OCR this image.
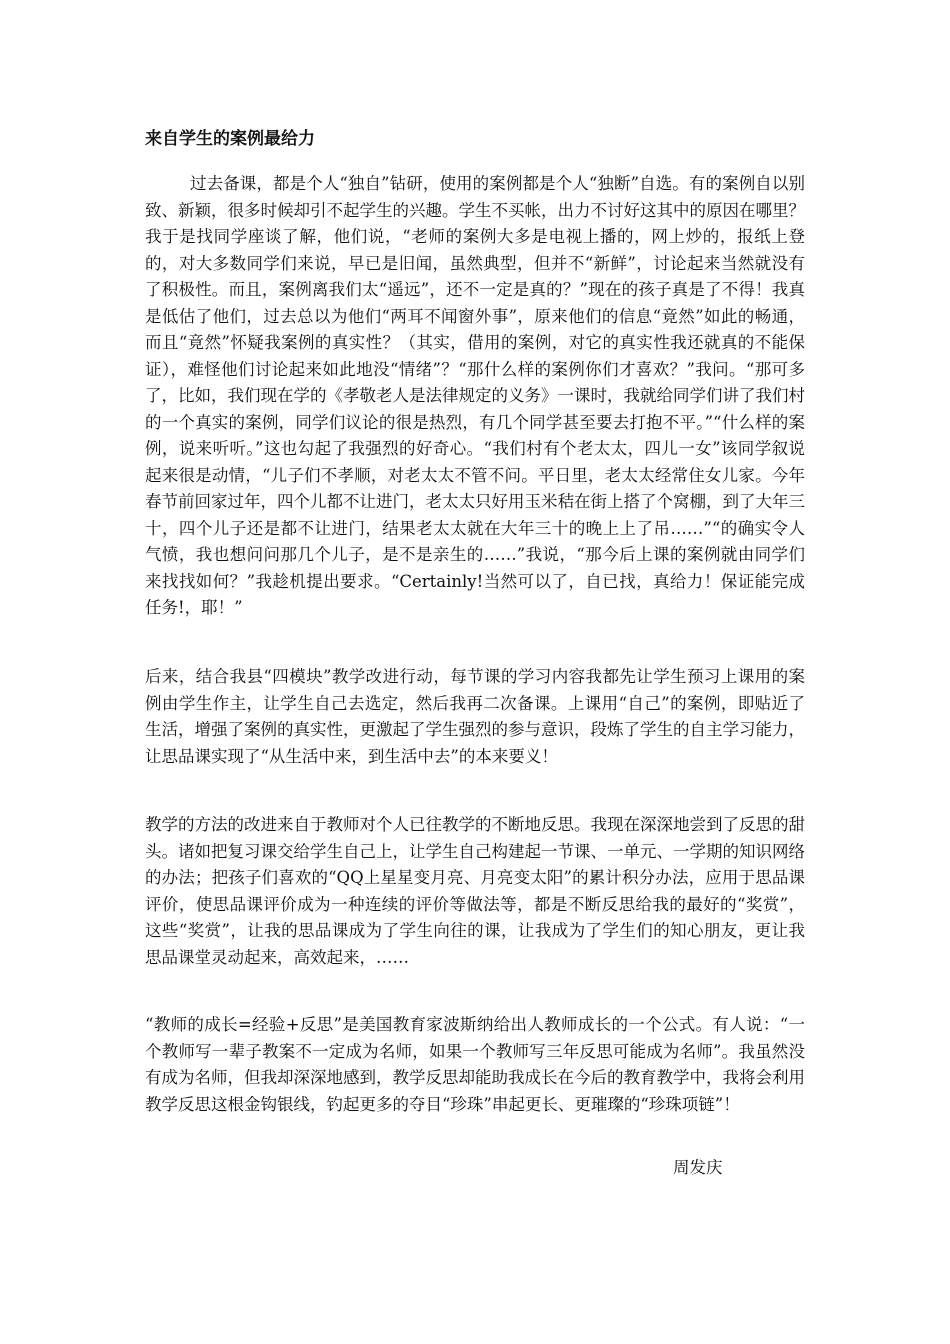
来自学生的案例最给力

过去备课，都是个人“独自”钻研，使用的案例都是个人“独断”自选。有的案例自以别致、新颖，很多时候却引不起学生的兴趣。学生不买帐，出力不讨好这其中的原因在哪里？我于是找同学座谈了解，他们说，“老师的案例大多是电视上播的，网上炒的，报纸上登的，对大多数同学们来说，早已是旧闻，虽然典型，但并不“新鲜”，讨论起来当然就没有了积极性。而且，案例离我们太“遥远”，还不一定是真的？”现在的孩子真是了不得！我真是低估了他们，过去总以为他们“两耳不闻窗外事”，原来他们的信息“竟然”如此的畅通，而且“竟然”怀疑我案例的真实性？（其实，借用的案例，对它的真实性我还就真的不能保证），难怪他们讨论起来如此地没“情绪”？“那什么样的案例你们才喜欢？”我问。“那可多了，比如，我们现在学的《孝敬老人是法律规定的义务》一课时，我就给同学们讲了我们村的一个真实的案例，同学们议论的很是热烈，有几个同学甚至要去打抱不平。”“什么样的案例，说来听听。”这也勾起了我强烈的好奇心。“我们村有个老太太，四儿一女”该同学叙说起来很是动情，“儿子们不孝顺，对老太太不管不问。平日里，老太太经常住女儿家。今年春节前回家过年，四个儿都不让进门，老太太只好用玉米秸在街上搭了个窝棚，到了大年三十，四个儿子还是都不让进门，结果老太太就在大年三十的晚上上了吊……”“的确实令人气愤，我也想问问那几个儿子，是不是亲生的……”我说，“那今后上课的案例就由同学们来找找如何？”我趁机提出要求。“Certainly!当然可以了，自已找，真给力！保证能完成任务!，耶！”

后来，结合我县“四模块”教学改进行动，每节课的学习内容我都先让学生预习上课用的案例由学生作主，让学生自己去选定，然后我再二次备课。上课用“自己”的案例，即贴近了生活，增强了案例的真实性，更激起了学生强烈的参与意识，段炼了学生的自主学习能力，让思品课实现了“从生活中来，到生活中去”的本来要义！

教学的方法的改进来自于教师对个人已往教学的不断地反思。我现在深深地尝到了反思的甜头。诸如把复习课交给学生自己上，让学生自己构建起一节课、一单元、一学期的知识网络的办法；把孩子们喜欢的“QQ上星星变月亮、月亮变太阳”的累计积分办法，应用于思品课评价，使思品课评价成为一种连续的评价等做法等，都是不断反思给我的最好的“奖赏”，这些“奖赏”，让我的思品课成为了学生向往的课，让我成为了学生们的知心朋友，更让我思品课堂灵动起来，高效起来，……

“教师的成长=经验+反思”是美国教育家波斯纳给出人教师成长的一个公式。有人说：“一个教师写一辈子教案不一定成为名师，如果一个教师写三年反思可能成为名师”。我虽然没有成为名师，但我却深深地感到，教学反思却能助我成长在今后的教育教学中，我将会利用教学反思这根金钩银线，钓起更多的夺目“珍珠”串起更长、更璀璨的“珍珠项链”！

周发庆
